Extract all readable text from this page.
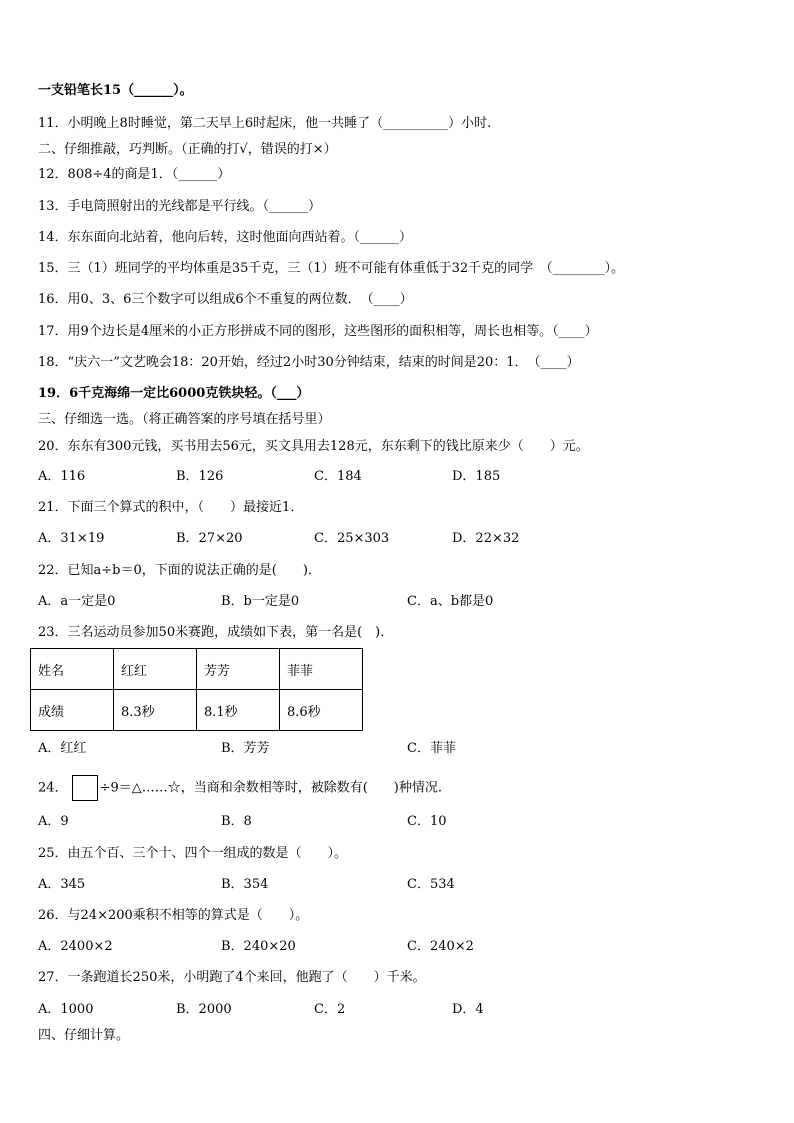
一支铅笔长15（______）。
11．小明晚上8时睡觉，第二天早上6时起床，他一共睡了（__________）小时.
二、仔细推敲，巧判断。（正确的打√，错误的打×）
12．808÷4的商是1．（______）
13．手电筒照射出的光线都是平行线。（______）
14．东东面向北站着，他向后转，这时他面向西站着。（______）
15．三（1）班同学的平均体重是35千克，三（1）班不可能有体重低于32千克的同学　（________）。
16．用0、3、6三个数字可以组成6个不重复的两位数．　（____）
17．用9个边长是4厘米的小正方形拼成不同的图形，这些图形的面积相等，周长也相等。（____）
18．“庆六一”文艺晚会18：20开始，经过2小时30分钟结束，结束的时间是20：1．　（____）
19．6千克海绵一定比6000克铁块轻。（___）
三、仔细选一选。（将正确答案的序号填在括号里）
20．东东有300元钱，买书用去56元，买文具用去128元，东东剩下的钱比原来少（　　）元。
A．116	B．126	C．184	D．185
21．下面三个算式的积中，（　　）最接近1．
A．31×19	B．27×20	C．25×303	D．22×32
22．已知a÷b＝0，下面的说法正确的是(　　)．
A．a一定是0	B．b一定是0	C．a、b都是0
23．三名运动员参加50米赛跑，成绩如下表，第一名是(　)．
姓名	红红	芳芳	菲菲
成绩	8.3秒	8.1秒	8.6秒
A．红红	B．芳芳	C．菲菲
24． ÷9＝△……☆，当商和余数相等时，被除数有(　　)种情况.
A．9	B．8	C．10
25．由五个百、三个十、四个一组成的数是（　　）。
A．345	B．354	C．534
26．与24×200乘积不相等的算式是（　　）。
A．2400×2	B．240×20	C．240×2
27．一条跑道长250米，小明跑了4个来回，他跑了（　　）千米。
A．1000	B．2000	C．2	D．4
四、仔细计算。
